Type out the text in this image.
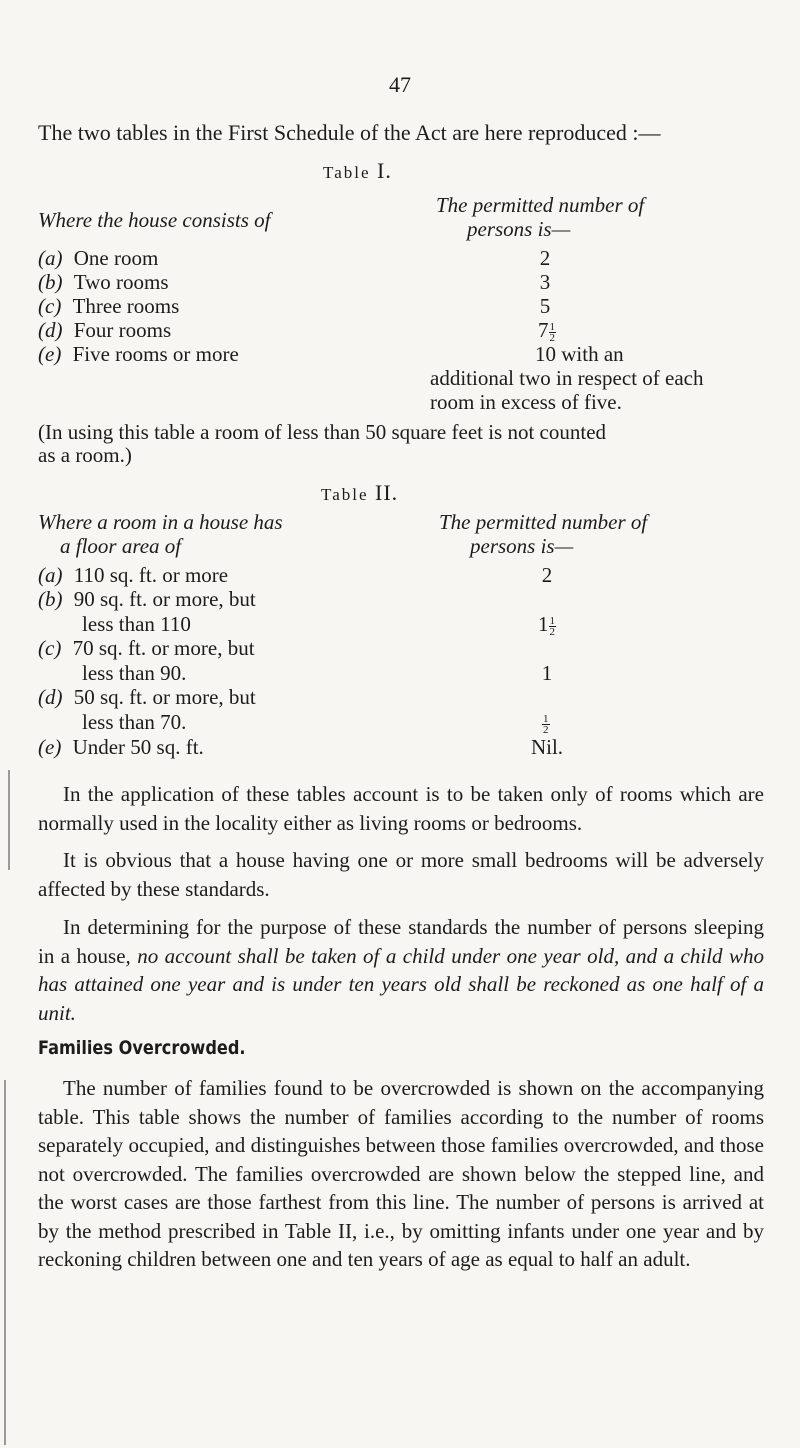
47
The two tables in the First Schedule of the Act are here reproduced :—
Table I.
Where the house consists of
The permitted number of
persons is—
(a) One room	2
(b) Two rooms	3
(c) Three rooms	5
(d) Four rooms	$7 \frac{1}{2}$
(e) Five rooms or more	10 with an
additional two in respect of each
room in excess of five.
(In using this table a room of less than 50 square feet is not counted
as a room.)
Table II.
Where a room in a house has
a floor area of
The permitted number of
persons is—
(a) 110 sq. ft. or more	2
(b) 90 sq. ft. or more, but
less than 110	$1 \frac{1}{2}$
(c) 70 sq. ft. or more, but
less than 90.	1
(d) 50 sq. ft. or more, but
less than 70.	$\frac{1}{2}$
(e) Under 50 sq. ft.	Nil.
In the application of these tables account is to be taken only of rooms which are normally used in the locality either as living rooms or bedrooms.
It is obvious that a house having one or more small bedrooms will be adversely affected by these standards.
In determining for the purpose of these standards the number of persons sleeping in a house, no account shall be taken of a child under one year old, and a child who has attained one year and is under ten years old shall be reckoned as one half of a unit.
Families Overcrowded.
The number of families found to be overcrowded is shown on the accompanying table. This table shows the number of families according to the number of rooms separately occupied, and distinguishes between those families overcrowded, and those not overcrowded. The families overcrowded are shown below the stepped line, and the worst cases are those farthest from this line. The number of persons is arrived at by the method prescribed in Table II, i.e., by omitting infants under one year and by reckoning children between one and ten years of age as equal to half an adult.
